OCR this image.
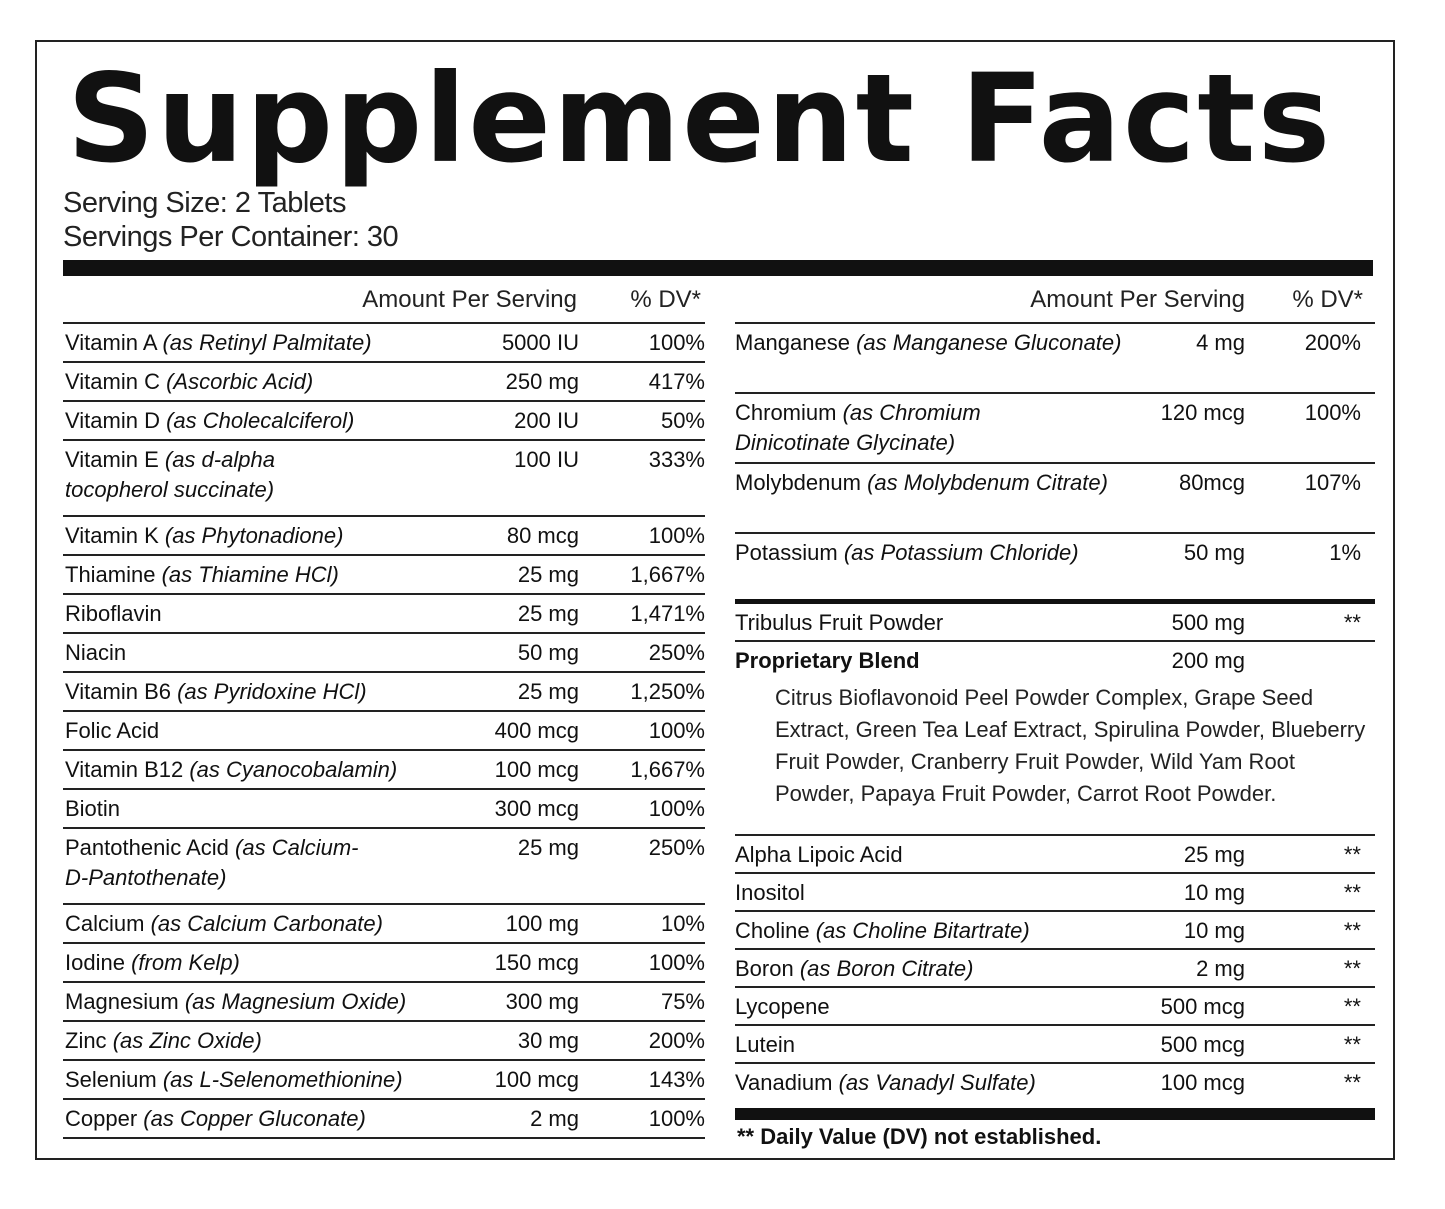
Supplement Facts
Serving Size: 2 Tablets
Servings Per Container: 30
Amount Per Serving % DV*
Vitamin A (as Retinyl Palmitate)	5000 IU	100%
Vitamin C (Ascorbic Acid)	250 mg	417%
Vitamin D (as Cholecalciferol)	200 IU	50%
Vitamin E (as d-alpha
tocopherol succinate)
100 IU	333%
Vitamin K (as Phytonadione)	80 mcg	100%
Thiamine (as Thiamine HCl)	25 mg 1,667%
Riboflavin	25 mg 1,471%
Niacin	50 mg	250%
Vitamin B6 (as Pyridoxine HCl)	25 mg 1,250%
Folic Acid	400 mcg	100%
Vitamin B12 (as Cyanocobalamin)	100 mcg 1,667%
Biotin	300 mcg	100%
Pantothenic Acid (as Calcium-
D-Pantothenate)
25 mg	250%
Calcium (as Calcium Carbonate)	100 mg	10%
Iodine (from Kelp)	150 mcg	100%
Magnesium (as Magnesium Oxide)	300 mg	75%
Zinc (as Zinc Oxide)	30 mg	200%
Selenium (as L-Selenomethionine)	100 mcg	143%
Copper (as Copper Gluconate)	2 mg	100%
Amount Per Serving % DV*
Manganese (as Manganese Gluconate)	4 mg	200%
Chromium (as Chromium
Dinicotinate Glycinate)
120 mcg	100%
Molybdenum (as Molybdenum Citrate)	80mcg	107%
Potassium (as Potassium Chloride)	50 mg	1%
Tribulus Fruit Powder	500 mg	**
Proprietary Blend	200 mg
Citrus Bioflavonoid Peel Powder Complex, Grape Seed Extract, Green Tea Leaf Extract, Spirulina Powder, Blueberry Fruit Powder, Cranberry Fruit Powder, Wild Yam Root Powder, Papaya Fruit Powder, Carrot Root Powder.
Alpha Lipoic Acid	25 mg	**
Inositol	10 mg	**
Choline (as Choline Bitartrate)	10 mg	**
Boron (as Boron Citrate)	2 mg	**
Lycopene	500 mcg	**
Lutein	500 mcg	**
Vanadium (as Vanadyl Sulfate)	100 mcg	**
** Daily Value (DV) not established.
